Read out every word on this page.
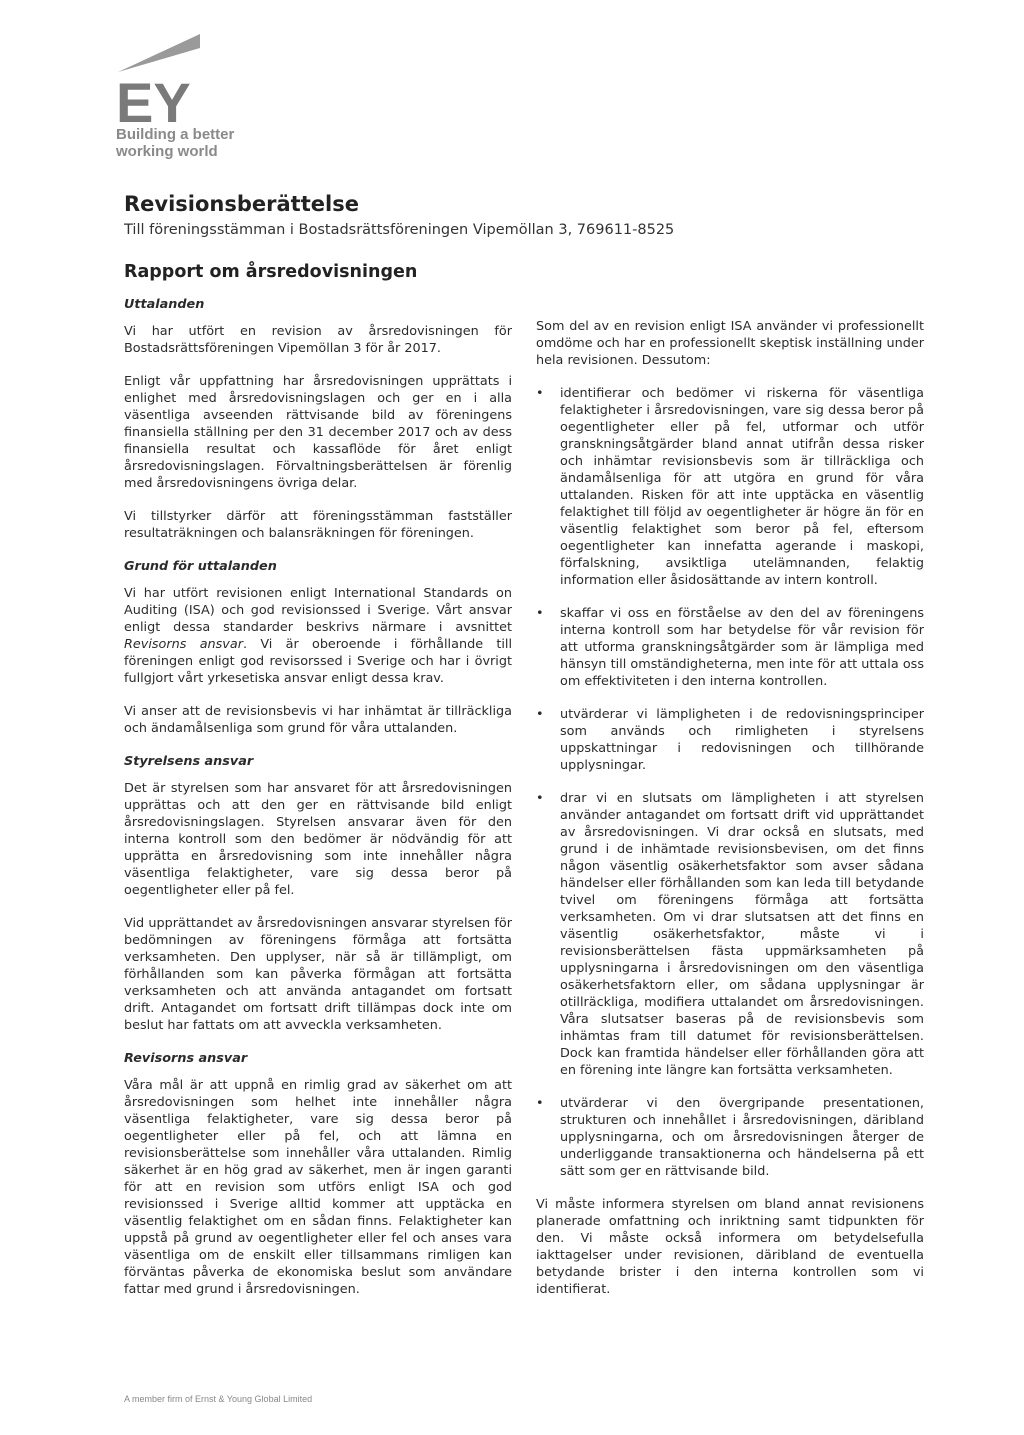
EY
Building a better
working world
Revisionsberättelse
Till föreningsstämman i Bostadsrättsföreningen Vipemöllan 3, 769611-8525
Rapport om årsredovisningen
Uttalanden

Vi har utfört en revision av årsredovisningen för Bostadsrättsföreningen Vipemöllan 3 för år 2017.

Enligt vår uppfattning har årsredovisningen upprättats i enlighet med årsredovisningslagen och ger en i alla väsentliga avseenden rättvisande bild av föreningens finansiella ställning per den 31 december 2017 och av dess finansiella resultat och kassaflöde för året enligt årsredovisningslagen. Förvaltningsberättelsen är förenlig med årsredovisningens övriga delar.

Vi tillstyrker därför att föreningsstämman fastställer resultaträkningen och balansräkningen för föreningen.

Grund för uttalanden

Vi har utfört revisionen enligt International Standards on Auditing (ISA) och god revisionssed i Sverige. Vårt ansvar enligt dessa standarder beskrivs närmare i avsnittet Revisorns ansvar. Vi är oberoende i förhållande till föreningen enligt god revisorssed i Sverige och har i övrigt fullgjort vårt yrkesetiska ansvar enligt dessa krav.

Vi anser att de revisionsbevis vi har inhämtat är tillräckliga och ändamålsenliga som grund för våra uttalanden.

Styrelsens ansvar

Det är styrelsen som har ansvaret för att årsredovisningen upprättas och att den ger en rättvisande bild enligt årsredovisningslagen. Styrelsen ansvarar även för den interna kontroll som den bedömer är nödvändig för att upprätta en årsredovisning som inte innehåller några väsentliga felaktigheter, vare sig dessa beror på oegentligheter eller på fel.

Vid upprättandet av årsredovisningen ansvarar styrelsen för bedömningen av föreningens förmåga att fortsätta verksamheten. Den upplyser, när så är tillämpligt, om förhållanden som kan påverka förmågan att fortsätta verksamheten och att använda antagandet om fortsatt drift. Antagandet om fortsatt drift tillämpas dock inte om beslut har fattats om att avveckla verksamheten.

Revisorns ansvar

Våra mål är att uppnå en rimlig grad av säkerhet om att årsredovisningen som helhet inte innehåller några väsentliga felaktigheter, vare sig dessa beror på oegentligheter eller på fel, och att lämna en revisionsberättelse som innehåller våra uttalanden. Rimlig säkerhet är en hög grad av säkerhet, men är ingen garanti för att en revision som utförs enligt ISA och god revisionssed i Sverige alltid kommer att upptäcka en väsentlig felaktighet om en sådan finns. Felaktigheter kan uppstå på grund av oegentligheter eller fel och anses vara väsentliga om de enskilt eller tillsammans rimligen kan förväntas påverka de ekonomiska beslut som användare fattar med grund i årsredovisningen.

Som del av en revision enligt ISA använder vi professionellt omdöme och har en professionellt skeptisk inställning under hela revisionen. Dessutom:

• identifierar och bedömer vi riskerna för väsentliga felaktigheter i årsredovisningen, vare sig dessa beror på oegentligheter eller på fel, utformar och utför granskningsåtgärder bland annat utifrån dessa risker och inhämtar revisionsbevis som är tillräckliga och ändamålsenliga för att utgöra en grund för våra uttalanden. Risken för att inte upptäcka en väsentlig felaktighet till följd av oegentligheter är högre än för en väsentlig felaktighet som beror på fel, eftersom oegentligheter kan innefatta agerande i maskopi, förfalskning, avsiktliga utelämnanden, felaktig information eller åsidosättande av intern kontroll.
• skaffar vi oss en förståelse av den del av föreningens interna kontroll som har betydelse för vår revision för att utforma granskningsåtgärder som är lämpliga med hänsyn till omständigheterna, men inte för att uttala oss om effektiviteten i den interna kontrollen.
• utvärderar vi lämpligheten i de redovisningsprinciper som används och rimligheten i styrelsens uppskattningar i redovisningen och tillhörande upplysningar.
• drar vi en slutsats om lämpligheten i att styrelsen använder antagandet om fortsatt drift vid upprättandet av årsredovisningen. Vi drar också en slutsats, med grund i de inhämtade revisionsbevisen, om det finns någon väsentlig osäkerhetsfaktor som avser sådana händelser eller förhållanden som kan leda till betydande tvivel om föreningens förmåga att fortsätta verksamheten. Om vi drar slutsatsen att det finns en väsentlig osäkerhetsfaktor, måste vi i revisionsberättelsen fästa uppmärksamheten på upplysningarna i årsredovisningen om den väsentliga osäkerhetsfaktorn eller, om sådana upplysningar är otillräckliga, modifiera uttalandet om årsredovisningen. Våra slutsatser baseras på de revisionsbevis som inhämtas fram till datumet för revisionsberättelsen. Dock kan framtida händelser eller förhållanden göra att en förening inte längre kan fortsätta verksamheten.
• utvärderar vi den övergripande presentationen, strukturen och innehållet i årsredovisningen, däribland upplysningarna, och om årsredovisningen återger de underliggande transaktionerna och händelserna på ett sätt som ger en rättvisande bild.

Vi måste informera styrelsen om bland annat revisionens planerade omfattning och inriktning samt tidpunkten för den. Vi måste också informera om betydelsefulla iakttagelser under revisionen, däribland de eventuella betydande brister i den interna kontrollen som vi identifierat.

A member firm of Ernst & Young Global Limited
